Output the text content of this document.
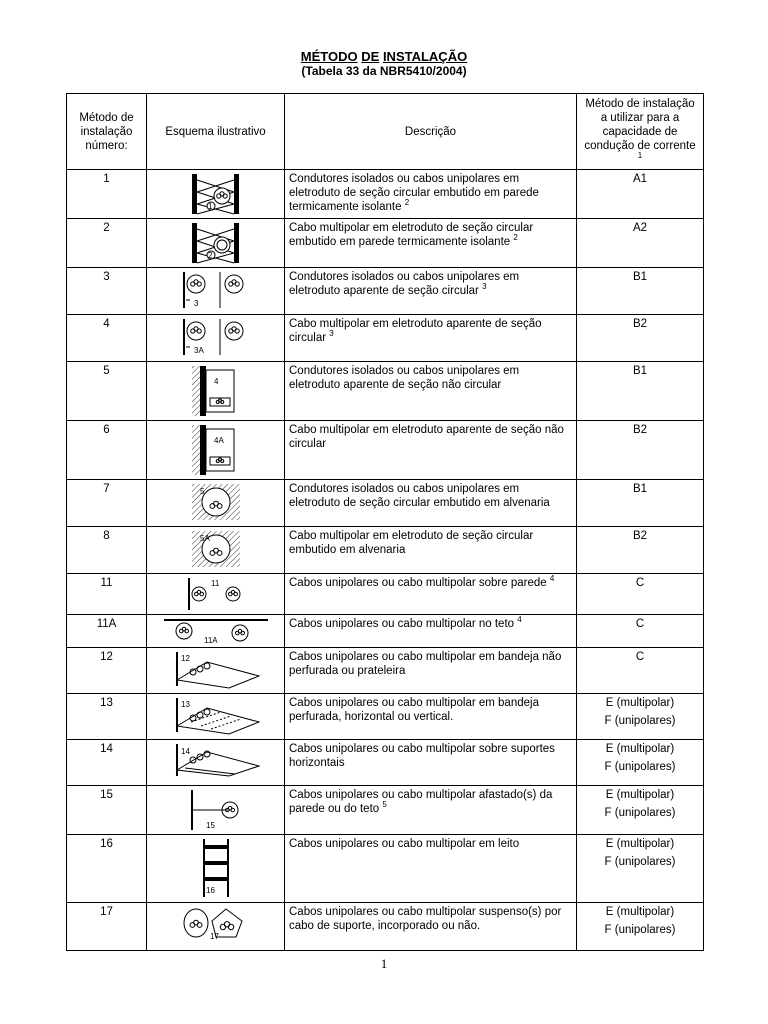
MÉTODO DE INSTALAÇÃO
(Tabela 33 da NBR5410/2004)
Método de instalação número:	Esquema ilustrativo	Descrição	Método de instalação a utilizar para a capacidade de condução de corrente $^1$
1	1	Condutores isolados ou cabos unipolares em eletroduto de seção circular embutido em parede termicamente isolante $^2$	A1

2	2	Cabo multipolar em eletroduto de seção circular embutido em parede termicamente isolante $^2$	A2

3	3	Condutores isolados ou cabos unipolares em eletroduto aparente de seção circular $^3$	B1

4	3A	Cabo multipolar em eletroduto aparente de seção circular $^3$	B2

5	4	Condutores isolados ou cabos unipolares em eletroduto aparente de seção não circular	B1

6	4A	Cabo multipolar em eletroduto aparente de seção não circular	B2

7	5	Condutores isolados ou cabos unipolares em eletroduto de seção circular embutido em alvenaria	B1

8	5A	Cabo multipolar em eletroduto de seção circular embutido em alvenaria	B2

11	11	Cabos unipolares ou cabo multipolar sobre parede $^4$	C

11A	11A	Cabos unipolares ou cabo multipolar no teto $^4$	C

12	12	Cabos unipolares ou cabo multipolar em bandeja não perfurada ou prateleira	C

13	13	Cabos unipolares ou cabo multipolar em bandeja perfurada, horizontal ou vertical.	E (multipolar)
F (unipolares)

14	14	Cabos unipolares ou cabo multipolar sobre suportes horizontais	E (multipolar)
F (unipolares)

15	15	Cabos unipolares ou cabo multipolar afastado(s) da parede ou do teto $^5$	E (multipolar)
F (unipolares)

16	16	Cabos unipolares ou cabo multipolar em leito	E (multipolar)
F (unipolares)

17	17	Cabos unipolares ou cabo multipolar suspenso(s) por cabo de suporte, incorporado ou não.	E (multipolar)
F (unipolares)
1
